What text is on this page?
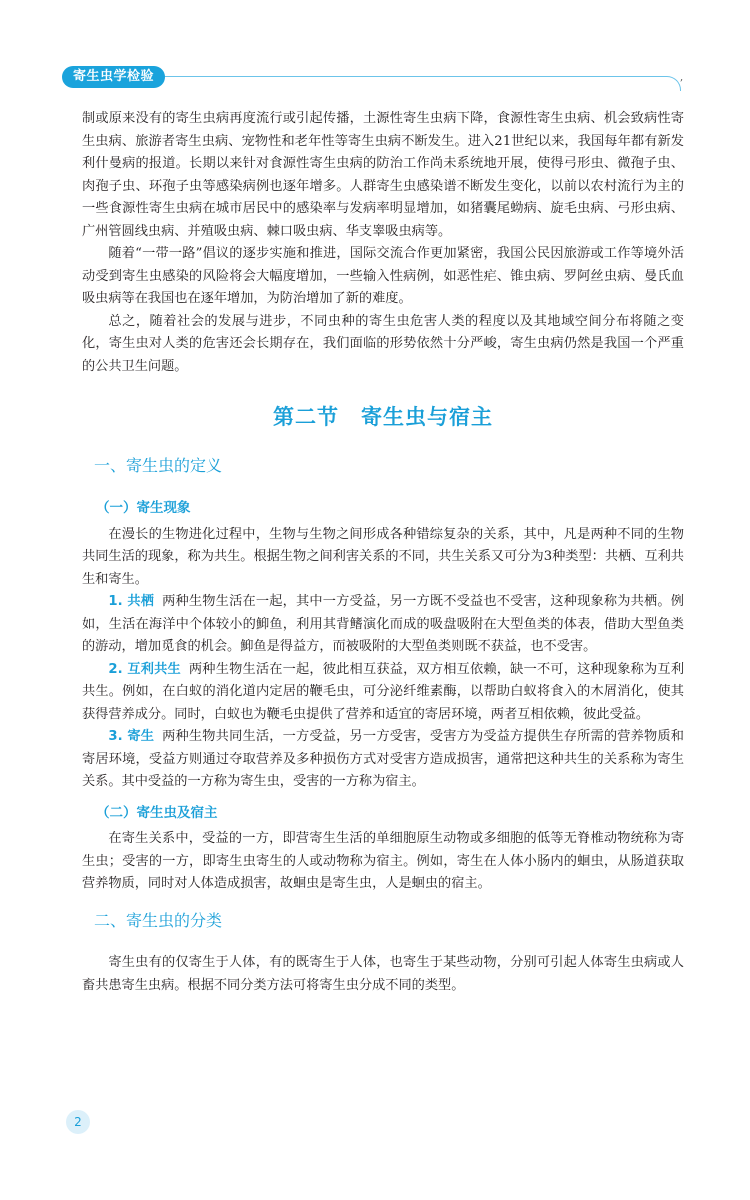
寄生虫学检验	,

制或原来没有的寄生虫病再度流行或引起传播，土源性寄生虫病下降，食源性寄生虫病、机会致病性寄生虫病、旅游者寄生虫病、宠物性和老年性等寄生虫病不断发生。进入21世纪以来，我国每年都有新发利什曼病的报道。长期以来针对食源性寄生虫病的防治工作尚未系统地开展，使得弓形虫、微孢子虫、肉孢子虫、环孢子虫等感染病例也逐年增多。人群寄生虫感染谱不断发生变化，以前以农村流行为主的一些食源性寄生虫病在城市居民中的感染率与发病率明显增加，如猪囊尾蚴病、旋毛虫病、弓形虫病、广州管圆线虫病、并殖吸虫病、棘口吸虫病、华支睾吸虫病等。

随着“一带一路”倡议的逐步实施和推进，国际交流合作更加紧密，我国公民因旅游或工作等境外活动受到寄生虫感染的风险将会大幅度增加，一些输入性病例，如恶性疟、锥虫病、罗阿丝虫病、曼氏血吸虫病等在我国也在逐年增加，为防治增加了新的难度。

总之，随着社会的发展与进步，不同虫种的寄生虫危害人类的程度以及其地域空间分布将随之变化，寄生虫对人类的危害还会长期存在，我们面临的形势依然十分严峻，寄生虫病仍然是我国一个严重的公共卫生问题。

第二节　寄生虫与宿主
一、寄生虫的定义
（一）寄生现象

在漫长的生物进化过程中，生物与生物之间形成各种错综复杂的关系，其中，凡是两种不同的生物共同生活的现象，称为共生。根据生物之间利害关系的不同，共生关系又可分为3种类型：共栖、互利共生和寄生。

1. 共栖 两种生物生活在一起，其中一方受益，另一方既不受益也不受害，这种现象称为共栖。例如，生活在海洋中个体较小的鮣鱼，利用其背鳍演化而成的吸盘吸附在大型鱼类的体表，借助大型鱼类的游动，增加觅食的机会。鮣鱼是得益方，而被吸附的大型鱼类则既不获益，也不受害。

2. 互利共生 两种生物生活在一起，彼此相互获益，双方相互依赖，缺一不可，这种现象称为互利共生。例如，在白蚁的消化道内定居的鞭毛虫，可分泌纤维素酶，以帮助白蚁将食入的木屑消化，使其获得营养成分。同时，白蚁也为鞭毛虫提供了营养和适宜的寄居环境，两者互相依赖，彼此受益。

3. 寄生 两种生物共同生活，一方受益，另一方受害，受害方为受益方提供生存所需的营养物质和寄居环境，受益方则通过夺取营养及多种损伤方式对受害方造成损害，通常把这种共生的关系称为寄生关系。其中受益的一方称为寄生虫，受害的一方称为宿主。

（二）寄生虫及宿主

在寄生关系中，受益的一方，即营寄生生活的单细胞原生动物或多细胞的低等无脊椎动物统称为寄生虫；受害的一方，即寄生虫寄生的人或动物称为宿主。例如，寄生在人体小肠内的蛔虫，从肠道获取营养物质，同时对人体造成损害，故蛔虫是寄生虫，人是蛔虫的宿主。

二、寄生虫的分类

寄生虫有的仅寄生于人体，有的既寄生于人体，也寄生于某些动物，分别可引起人体寄生虫病或人畜共患寄生虫病。根据不同分类方法可将寄生虫分成不同的类型。

2
